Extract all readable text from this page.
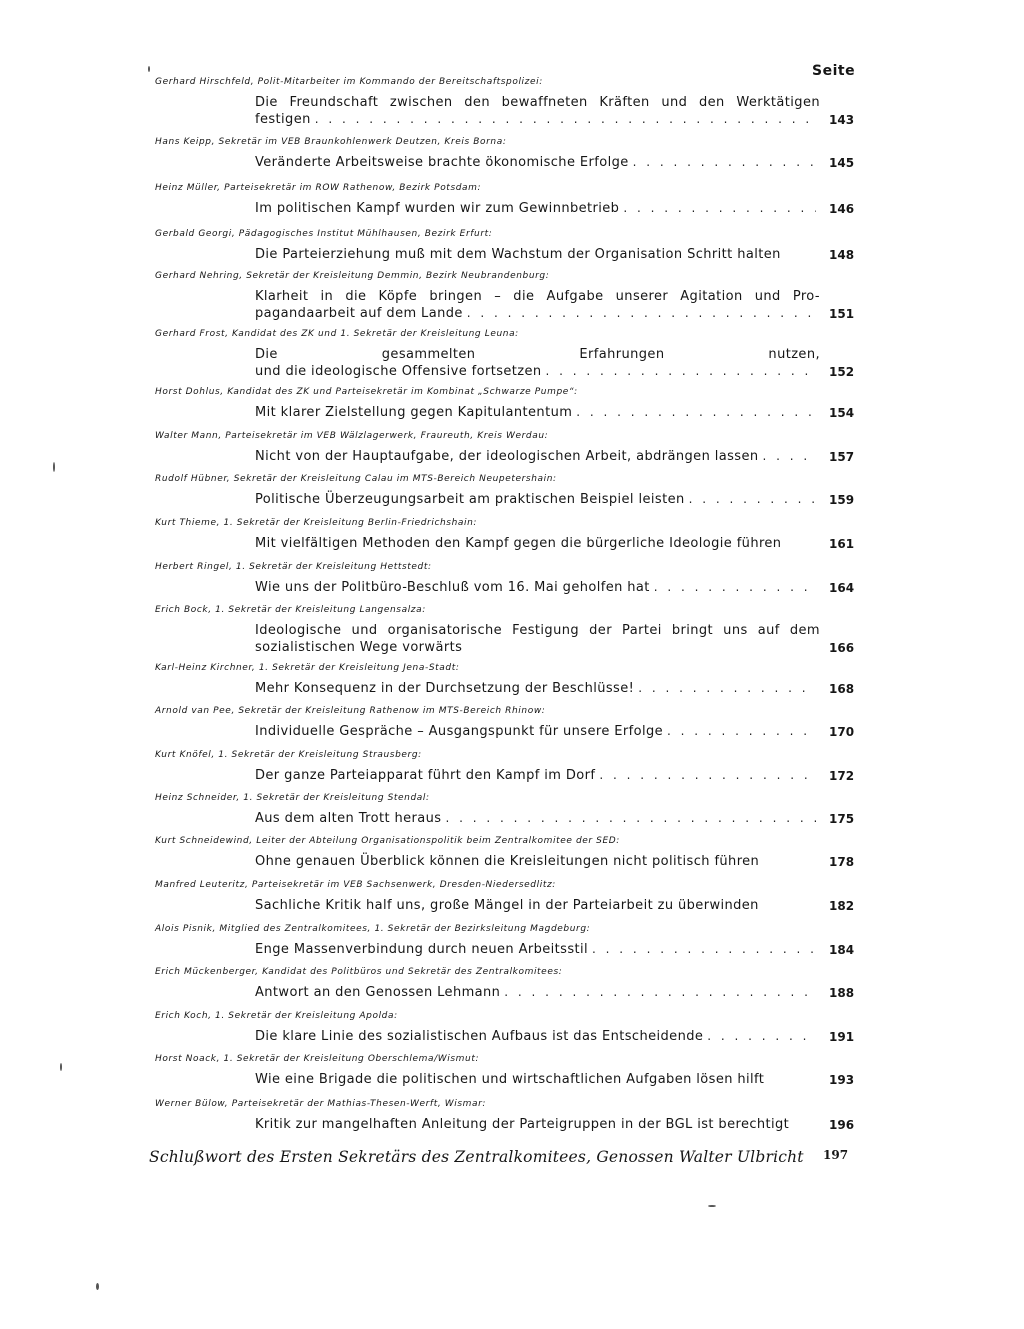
Seite
Gerhard Hirschfeld, Polit-Mitarbeiter im Kommando der Bereitschaftspolizei:
Die Freundschaft zwischen den bewaffneten Kräften und den Werktätigen
festigen . . .	143
Hans Keipp, Sekretär im VEB Braunkohlenwerk Deutzen, Kreis Borna:
Veränderte Arbeitsweise brachte ökonomische Erfolge . . .	145
Heinz Müller, Parteisekretär im ROW Rathenow, Bezirk Potsdam:
Im politischen Kampf wurden wir zum Gewinnbetrieb . . .	146
Gerbald Georgi, Pädagogisches Institut Mühlhausen, Bezirk Erfurt:
Die Parteierziehung muß mit dem Wachstum der Organisation Schritt halten	148
Gerhard Nehring, Sekretär der Kreisleitung Demmin, Bezirk Neubrandenburg:
Klarheit in die Köpfe bringen – die Aufgabe unserer Agitation und Pro-
pagandaarbeit auf dem Lande . . .	151
Gerhard Frost, Kandidat des ZK und 1. Sekretär der Kreisleitung Leuna:
Die gesammelten Erfahrungen nutzen,
und die ideologische Offensive fortsetzen . . .	152
Horst Dohlus, Kandidat des ZK und Parteisekretär im Kombinat „Schwarze Pumpe“:
Mit klarer Zielstellung gegen Kapitulantentum . . .	154
Walter Mann, Parteisekretär im VEB Wälzlagerwerk, Fraureuth, Kreis Werdau:
Nicht von der Hauptaufgabe, der ideologischen Arbeit, abdrängen lassen . . .	157
Rudolf Hübner, Sekretär der Kreisleitung Calau im MTS-Bereich Neupetershain:
Politische Überzeugungsarbeit am praktischen Beispiel leisten . . .	159
Kurt Thieme, 1. Sekretär der Kreisleitung Berlin-Friedrichshain:
Mit vielfältigen Methoden den Kampf gegen die bürgerliche Ideologie führen	161
Herbert Ringel, 1. Sekretär der Kreisleitung Hettstedt:
Wie uns der Politbüro-Beschluß vom 16. Mai geholfen hat . . .	164
Erich Bock, 1. Sekretär der Kreisleitung Langensalza:
Ideologische und organisatorische Festigung der Partei bringt uns auf dem
sozialistischen Wege vorwärts	166
Karl-Heinz Kirchner, 1. Sekretär der Kreisleitung Jena-Stadt:
Mehr Konsequenz in der Durchsetzung der Beschlüsse! . . .	168
Arnold van Pee, Sekretär der Kreisleitung Rathenow im MTS-Bereich Rhinow:
Individuelle Gespräche – Ausgangspunkt für unsere Erfolge . . .	170
Kurt Knöfel, 1. Sekretär der Kreisleitung Strausberg:
Der ganze Parteiapparat führt den Kampf im Dorf . . .	172
Heinz Schneider, 1. Sekretär der Kreisleitung Stendal:
Aus dem alten Trott heraus . . .	175
Kurt Schneidewind, Leiter der Abteilung Organisationspolitik beim Zentralkomitee der SED:
Ohne genauen Überblick können die Kreisleitungen nicht politisch führen	178
Manfred Leuteritz, Parteisekretär im VEB Sachsenwerk, Dresden-Niedersedlitz:
Sachliche Kritik half uns, große Mängel in der Parteiarbeit zu überwinden	182
Alois Pisnik, Mitglied des Zentralkomitees, 1. Sekretär der Bezirksleitung Magdeburg:
Enge Massenverbindung durch neuen Arbeitsstil . . .	184
Erich Mückenberger, Kandidat des Politbüros und Sekretär des Zentralkomitees:
Antwort an den Genossen Lehmann . . .	188
Erich Koch, 1. Sekretär der Kreisleitung Apolda:
Die klare Linie des sozialistischen Aufbaus ist das Entscheidende . . .	191
Horst Noack, 1. Sekretär der Kreisleitung Oberschlema/Wismut:
Wie eine Brigade die politischen und wirtschaftlichen Aufgaben lösen hilft	193
Werner Bülow, Parteisekretär der Mathias-Thesen-Werft, Wismar:
Kritik zur mangelhaften Anleitung der Parteigruppen in der BGL ist berechtigt	196
Schlußwort des Ersten Sekretärs des Zentralkomitees, Genossen Walter Ulbricht 197
